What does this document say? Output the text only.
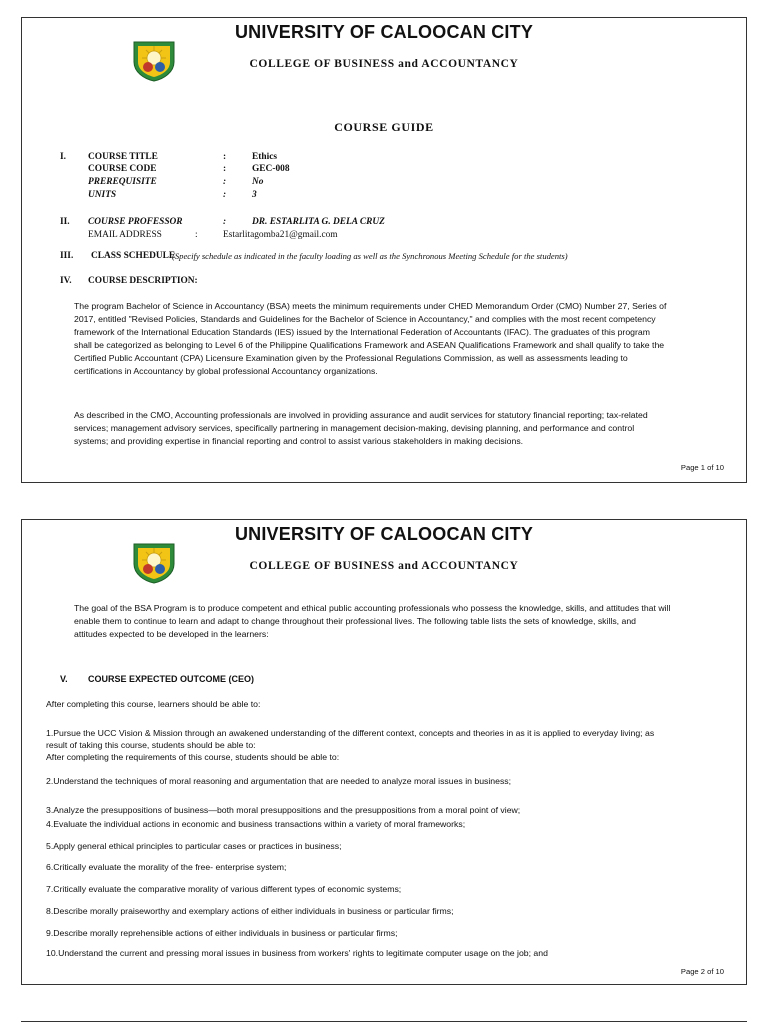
UNIVERSITY OF CALOOCAN CITY
COLLEGE OF BUSINESS and ACCOUNTANCY
COURSE GUIDE
I. COURSE TITLE	:	Ethics
COURSE CODE	:	GEC-008
PREREQUISITE	:	No
UNITS	:	3
II. COURSE PROFESSOR	:	DR. ESTARLITA G. DELA CRUZ
EMAIL ADDRESS	:	Estarlitagomba21@gmail.com
III. CLASS SCHEDULE
(Specify schedule as indicated in the faculty loading as well as the Synchronous Meeting Schedule for the students)
IV. COURSE DESCRIPTION:
The program Bachelor of Science in Accountancy (BSA) meets the minimum requirements under CHED Memorandum Order (CMO) Number 27, Series of
2017, entitled "Revised Policies, Standards and Guidelines for the Bachelor of Science in Accountancy," and complies with the most recent competency
framework of the International Education Standards (IES) issued by the International Federation of Accountants (IFAC). The graduates of this program
shall be categorized as belonging to Level 6 of the Philippine Qualifications Framework and ASEAN Qualifications Framework and shall qualify to take the
Certified Public Accountant (CPA) Licensure Examination given by the Professional Regulations Commission, as well as assessments leading to
certifications in Accountancy by global professional Accountancy organizations.
As described in the CMO, Accounting professionals are involved in providing assurance and audit services for statutory financial reporting; tax-related
services; management advisory services, specifically partnering in management decision-making, devising planning, and performance and control
systems; and providing expertise in financial reporting and control to assist various stakeholders in making decisions.
Page 1 of 10
UNIVERSITY OF CALOOCAN CITY
COLLEGE OF BUSINESS and ACCOUNTANCY
The goal of the BSA Program is to produce competent and ethical public accounting professionals who possess the knowledge, skills, and attitudes that will
enable them to continue to learn and adapt to change throughout their professional lives. The following table lists the sets of knowledge, skills, and
attitudes expected to be developed in the learners:
V. COURSE EXPECTED OUTCOME (CEO)
After completing this course, learners should be able to:
1.Pursue the UCC Vision & Mission through an awakened understanding of the different context, concepts and theories in as it is applied to everyday living; as
result of taking this course, students should be able to:
After completing the requirements of this course, students should be able to:
2.Understand the techniques of moral reasoning and argumentation that are needed to analyze moral issues in business;
3.Analyze the presuppositions of business—both moral presuppositions and the presuppositions from a moral point of view;
4.Evaluate the individual actions in economic and business transactions within a variety of moral frameworks;
5.Apply general ethical principles to particular cases or practices in business;
6.Critically evaluate the morality of the free- enterprise system;
7.Critically evaluate the comparative morality of various different types of economic systems;
8.Describe morally praiseworthy and exemplary actions of either individuals in business or particular firms;
9.Describe morally reprehensible actions of either individuals in business or particular firms;
10.Understand the current and pressing moral issues in business from workers' rights to legitimate computer usage on the job; and
Page 2 of 10
